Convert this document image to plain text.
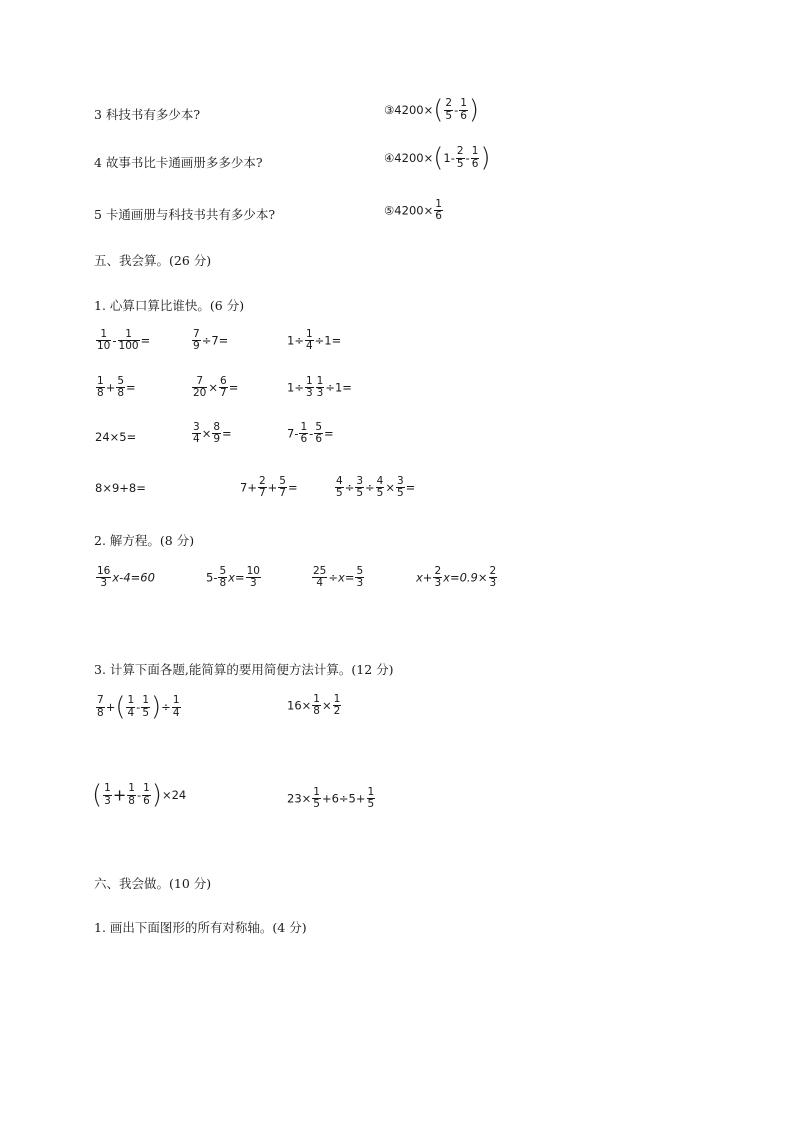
3 科技书有多少本?	③4200×( $\frac{2}{5} - \frac{1}{6}$ )
4 故事书比卡通画册多多少本?	④4200×(1- $\frac{2}{5} - \frac{1}{6}$ )
5 卡通画册与科技书共有多少本?	⑤4200× $\frac{1}{6}$
五、我会算。(26 分)
1. 心算口算比谁快。(6 分)
$\frac{1}{10} - \frac{1}{100}$ =	$\frac{7}{9} \div 7=$	$1\div \frac{1}{4} \div 1=$
$\frac{1}{8} + \frac{5}{8}$ =	$\frac{7}{20} \times \frac{6}{7}$ =	$1\div \frac{1}{3} \frac{1}{3} \div 1=$
24×5=	$\frac{3}{4} \times \frac{8}{9}$ =	$7- \frac{1}{6} - \frac{5}{6}$ =
8×9+8=	$7+ \frac{2}{7} + \frac{5}{7}$ =	$\frac{4}{5} \div \frac{3}{5} \div \frac{4}{5} \times \frac{3}{5}$ =
2. 解方程。(8 分)
$\frac{16}{3} x-4=60$	$5- \frac{5}{8} x= \frac{10}{3}$	$\frac{25}{4} \div x= \frac{5}{3}$	$x+ \frac{2}{3} x=0.9\times \frac{2}{3}$
3. 计算下面各题,能简算的要用简便方法计算。(12 分)
$\frac{7}{8}$ +( $\frac{1}{4} - \frac{1}{5}$ )÷ $\frac{1}{4}$	$16\times \frac{1}{8} \times \frac{1}{2}$
( $\frac{1}{3} + \frac{1}{8} - \frac{1}{6} )\times 24$	$23\times \frac{1}{5} +6\div 5+ \frac{1}{5}$
六、我会做。(10 分)
1. 画出下面图形的所有对称轴。(4 分)
